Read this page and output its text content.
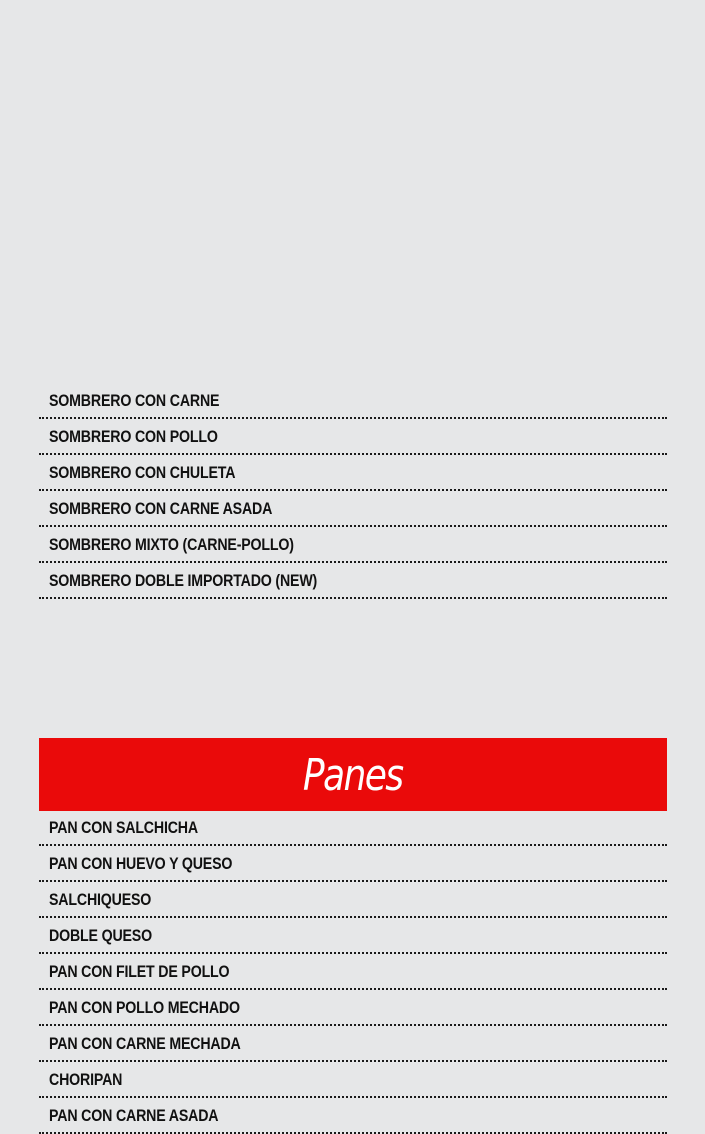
SOMBRERO CON CARNE
SOMBRERO CON POLLO
SOMBRERO CON CHULETA
SOMBRERO CON CARNE ASADA
SOMBRERO MIXTO (CARNE-POLLO)
SOMBRERO DOBLE IMPORTADO (NEW)
Panes
PAN CON SALCHICHA
PAN CON HUEVO Y QUESO
SALCHIQUESO
DOBLE QUESO
PAN CON FILET DE POLLO
PAN CON POLLO MECHADO
PAN CON CARNE MECHADA
CHORIPAN
PAN CON CARNE ASADA
